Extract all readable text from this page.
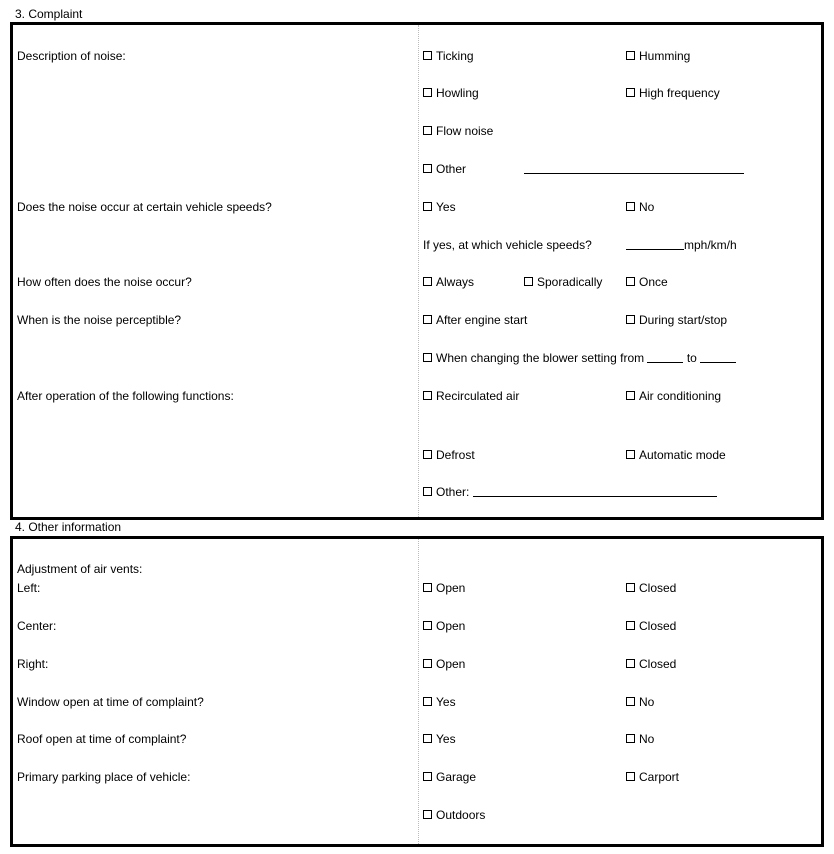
3. Complaint
Description of noise:	Ticking	Humming
Howling	High frequency
Flow noise
Other
Does the noise occur at certain vehicle speeds?	Yes	No
If yes, at which vehicle speeds?	mph/km/h
How often does the noise occur?	Always	Sporadically	Once
When is the noise perceptible?	After engine start	During start/stop
When changing the blower setting from	to
After operation of the following functions:	Recirculated air	Air conditioning
Defrost	Automatic mode
Other:
4. Other information
Adjustment of air vents:
Left:	Open	Closed
Center:	Open	Closed
Right:	Open	Closed
Window open at time of complaint?	Yes	No
Roof open at time of complaint?	Yes	No
Primary parking place of vehicle:	Garage	Carport
Outdoors
